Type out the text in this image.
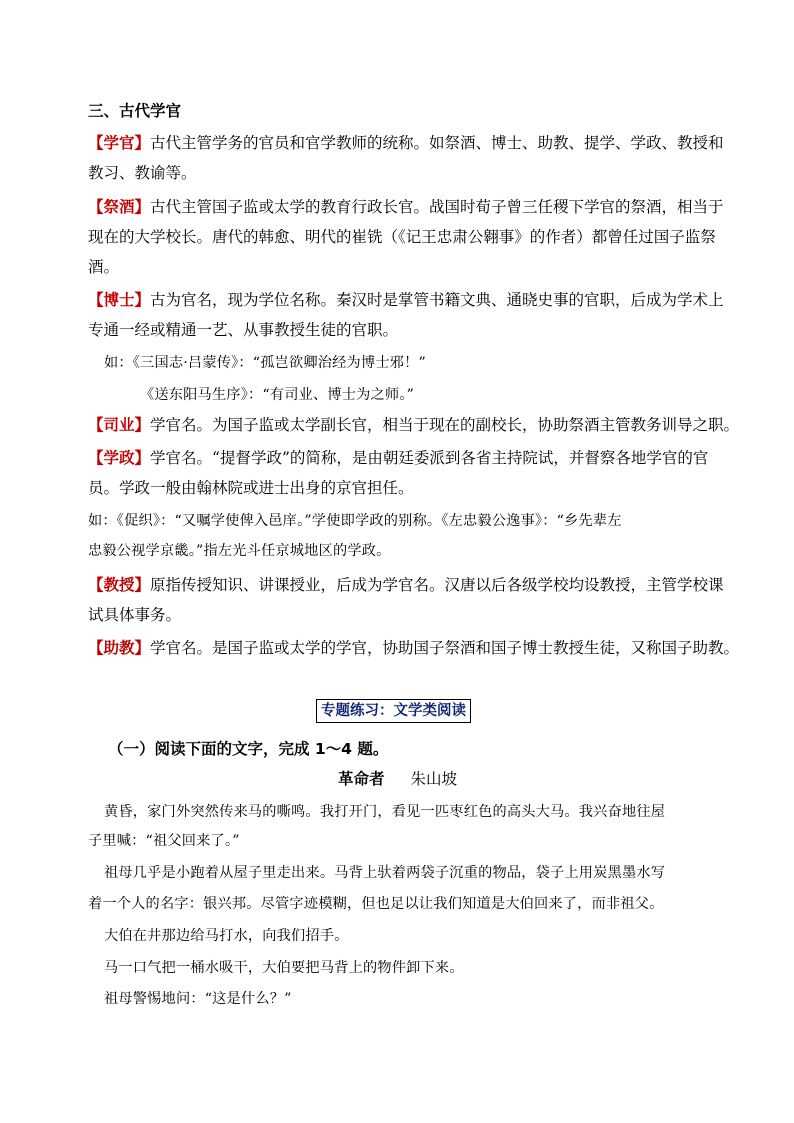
三、古代学官
【学官】古代主管学务的官员和官学教师的统称。如祭酒、博士、助教、提学、学政、教授和
教习、教谕等。
【祭酒】古代主管国子监或太学的教育行政长官。战国时荀子曾三任稷下学官的祭酒，相当于
现在的大学校长。唐代的韩愈、明代的崔铣（《记王忠肃公翱事》的作者）都曾任过国子监祭
酒。
【博士】古为官名，现为学位名称。秦汉时是掌管书籍文典、通晓史事的官职，后成为学术上
专通一经或精通一艺、从事教授生徒的官职。
如：《三国志·吕蒙传》：“孤岂欲卿治经为博士邪！”
《送东阳马生序》：“有司业、博士为之师。”
【司业】学官名。为国子监或太学副长官，相当于现在的副校长，协助祭酒主管教务训导之职。
【学政】学官名。“提督学政”的简称，是由朝廷委派到各省主持院试，并督察各地学官的官
员。学政一般由翰林院或进士出身的京官担任。
如：《促织》：“又嘱学使俾入邑庠。”学使即学政的别称。《左忠毅公逸事》：“乡先辈左
忠毅公视学京畿。”指左光斗任京城地区的学政。
【教授】原指传授知识、讲课授业，后成为学官名。汉唐以后各级学校均设教授，主管学校课
试具体事务。
【助教】学官名。是国子监或太学的学官，协助国子祭酒和国子博士教授生徒，又称国子助教。
专题练习：文学类阅读
（一）阅读下面的文字，完成 1～4 题。
革命者 朱山坡
黄昏，家门外突然传来马的嘶鸣。我打开门，看见一匹枣红色的高头大马。我兴奋地往屋
子里喊：“祖父回来了。”
祖母几乎是小跑着从屋子里走出来。马背上驮着两袋子沉重的物品，袋子上用炭黑墨水写
着一个人的名字：银兴邦。尽管字迹模糊，但也足以让我们知道是大伯回来了，而非祖父。
大伯在井那边给马打水，向我们招手。
马一口气把一桶水吸干，大伯要把马背上的物件卸下来。
祖母警惕地问：“这是什么？”
